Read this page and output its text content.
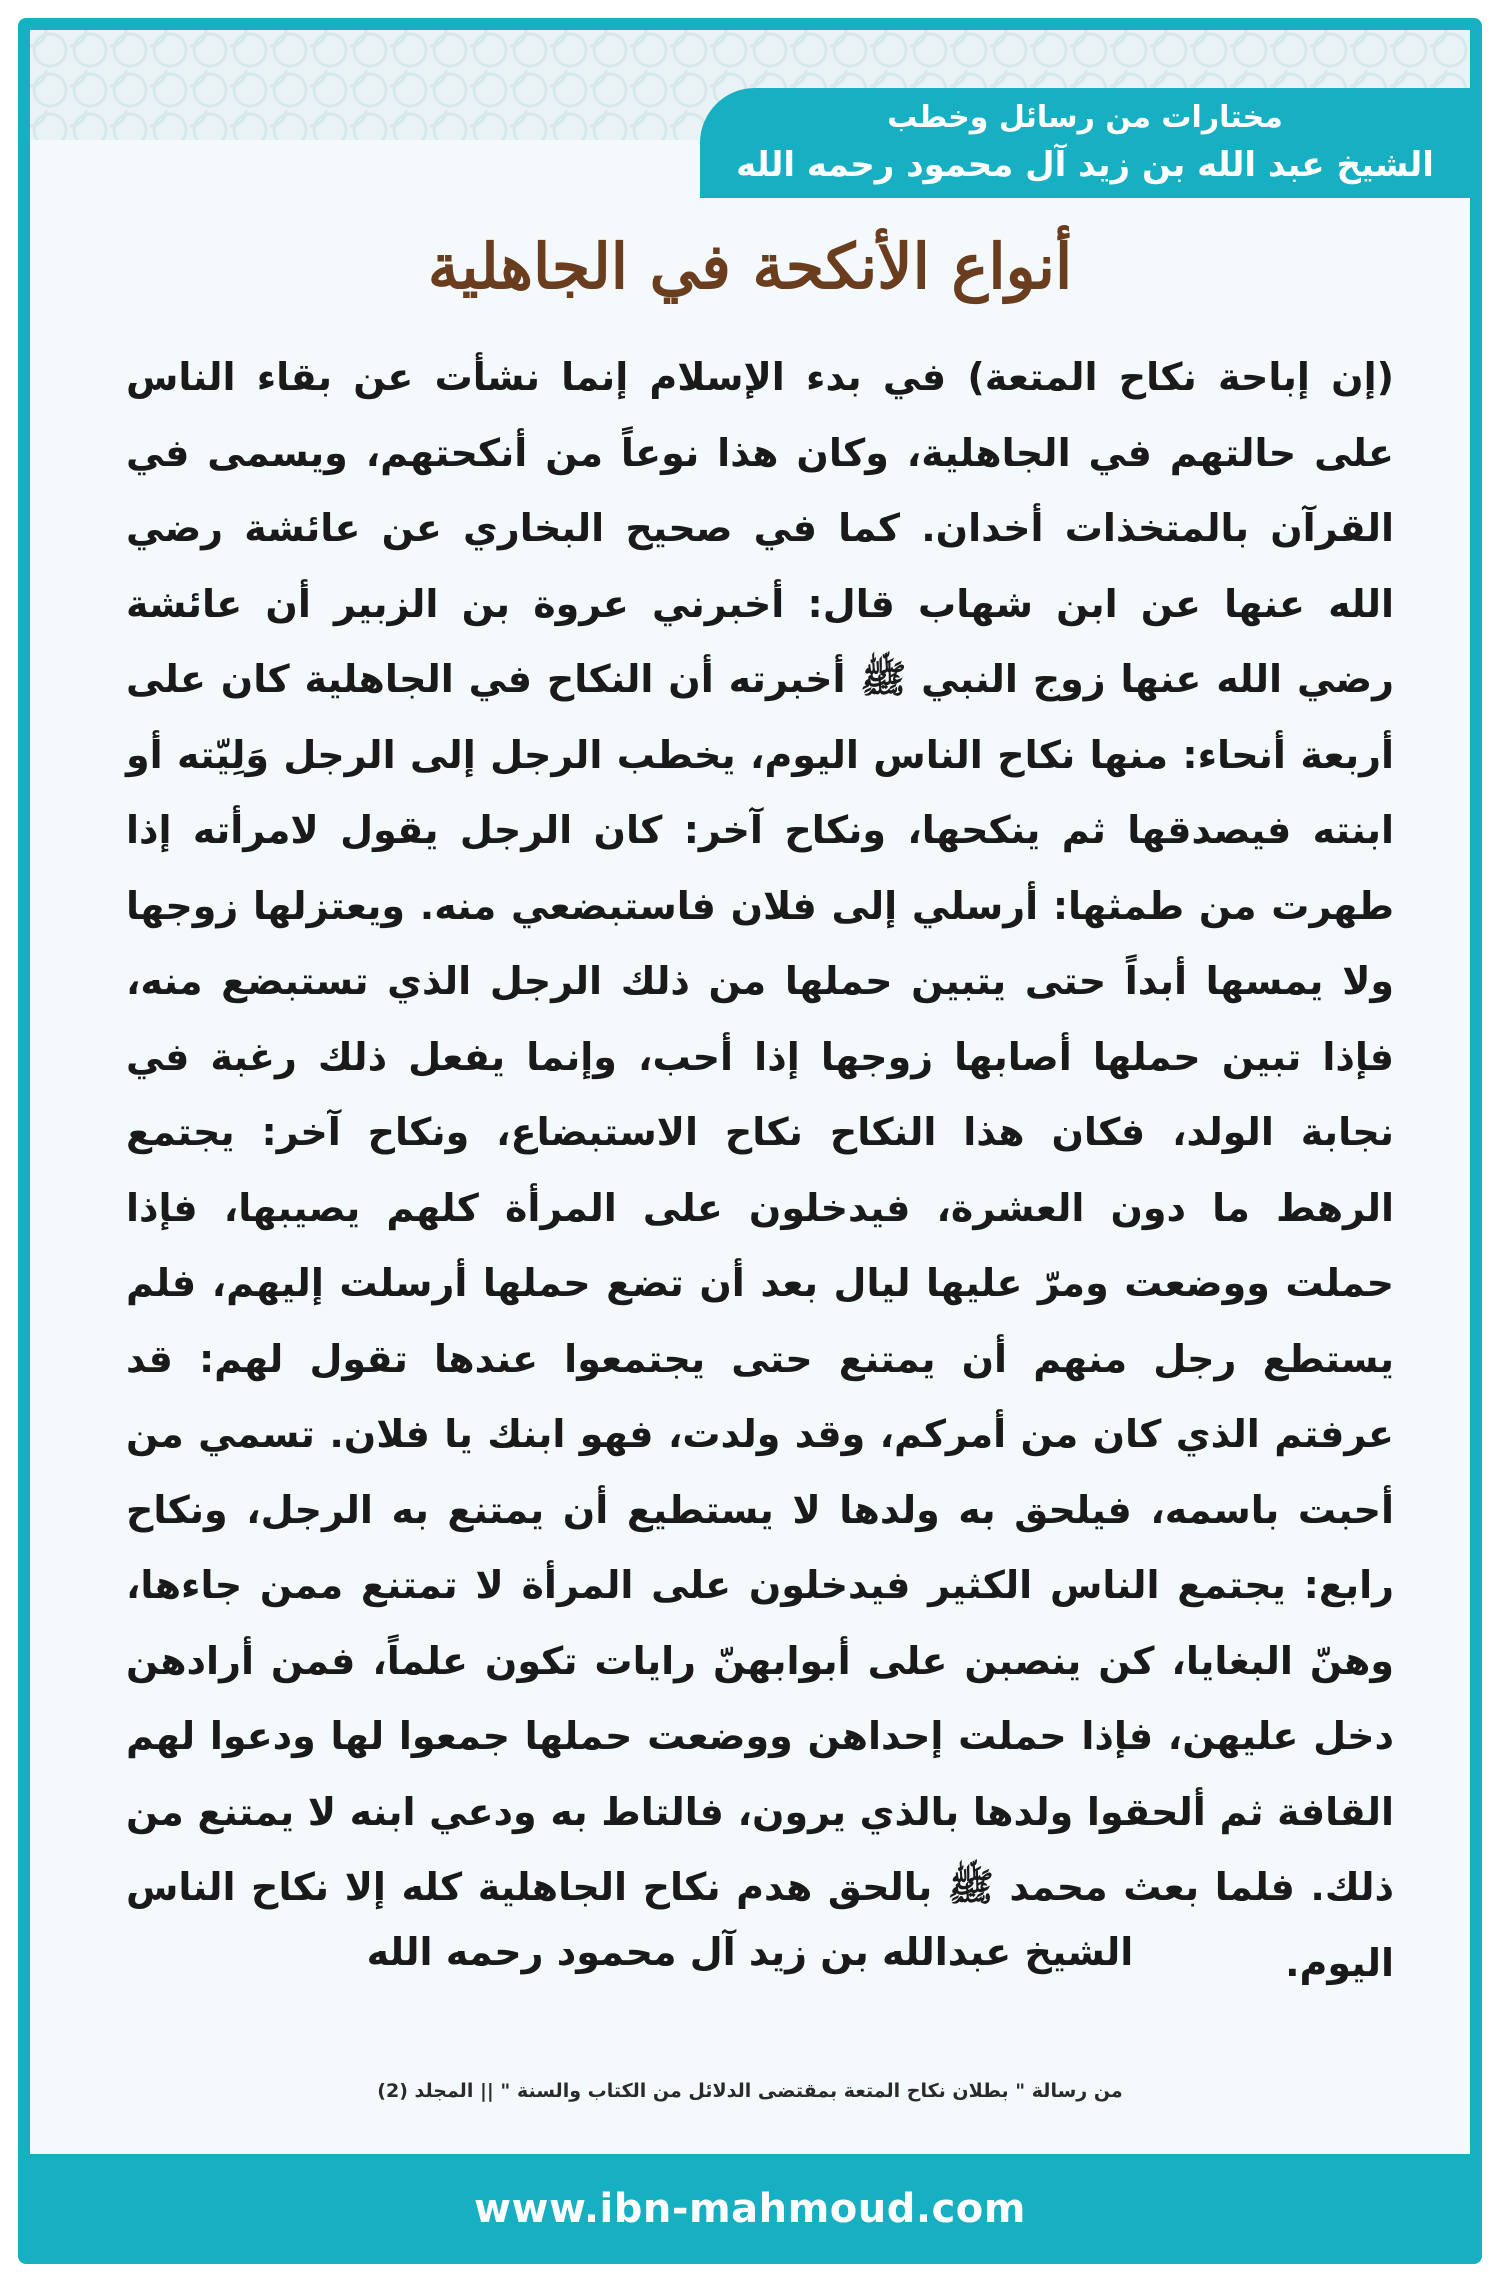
مختارات من رسائل وخطب
الشيخ عبد الله بن زيد آل محمود رحمه الله
أنواع الأنكحة في الجاهلية
(إن إباحة نكاح المتعة) في بدء الإسلام إنما نشأت عن بقاء الناس على حالتهم في الجاهلية، وكان هذا نوعاً من أنكحتهم، ويسمى في القرآن بالمتخذات أخدان. كما في صحيح البخاري عن عائشة رضي الله عنها عن ابن شهاب قال: أخبرني عروة بن الزبير أن عائشة رضي الله عنها زوج النبي ﷺ أخبرته أن النكاح في الجاهلية كان على أربعة أنحاء: منها نكاح الناس اليوم، يخطب الرجل إلى الرجل وَلِيّته أو ابنته فيصدقها ثم ينكحها، ونكاح آخر: كان الرجل يقول لامرأته إذا طهرت من طمثها: أرسلي إلى فلان فاستبضعي منه. ويعتزلها زوجها ولا يمسها أبداً حتى يتبين حملها من ذلك الرجل الذي تستبضع منه، فإذا تبين حملها أصابها زوجها إذا أحب، وإنما يفعل ذلك رغبة في نجابة الولد، فكان هذا النكاح نكاح الاستبضاع، ونكاح آخر: يجتمع الرهط ما دون العشرة، فيدخلون على المرأة كلهم يصيبها، فإذا حملت ووضعت ومرّ عليها ليال بعد أن تضع حملها أرسلت إليهم، فلم يستطع رجل منهم أن يمتنع حتى يجتمعوا عندها تقول لهم: قد عرفتم الذي كان من أمركم، وقد ولدت، فهو ابنك يا فلان. تسمي من أحبت باسمه، فيلحق به ولدها لا يستطيع أن يمتنع به الرجل، ونكاح رابع: يجتمع الناس الكثير فيدخلون على المرأة لا تمتنع ممن جاءها، وهنّ البغايا، كن ينصبن على أبوابهنّ رايات تكون علماً، فمن أرادهن دخل عليهن، فإذا حملت إحداهن ووضعت حملها جمعوا لها ودعوا لهم القافة ثم ألحقوا ولدها بالذي يرون، فالتاط به ودعي ابنه لا يمتنع من ذلك. فلما بعث محمد ﷺ بالحق هدم نكاح الجاهلية كله إلا نكاح الناس اليوم.
الشيخ عبدالله بن زيد آل محمود رحمه الله
من رسالة " بطلان نكاح المتعة بمقتضى الدلائل من الكتاب والسنة " || المجلد (2)
www.ibn-mahmoud.com
